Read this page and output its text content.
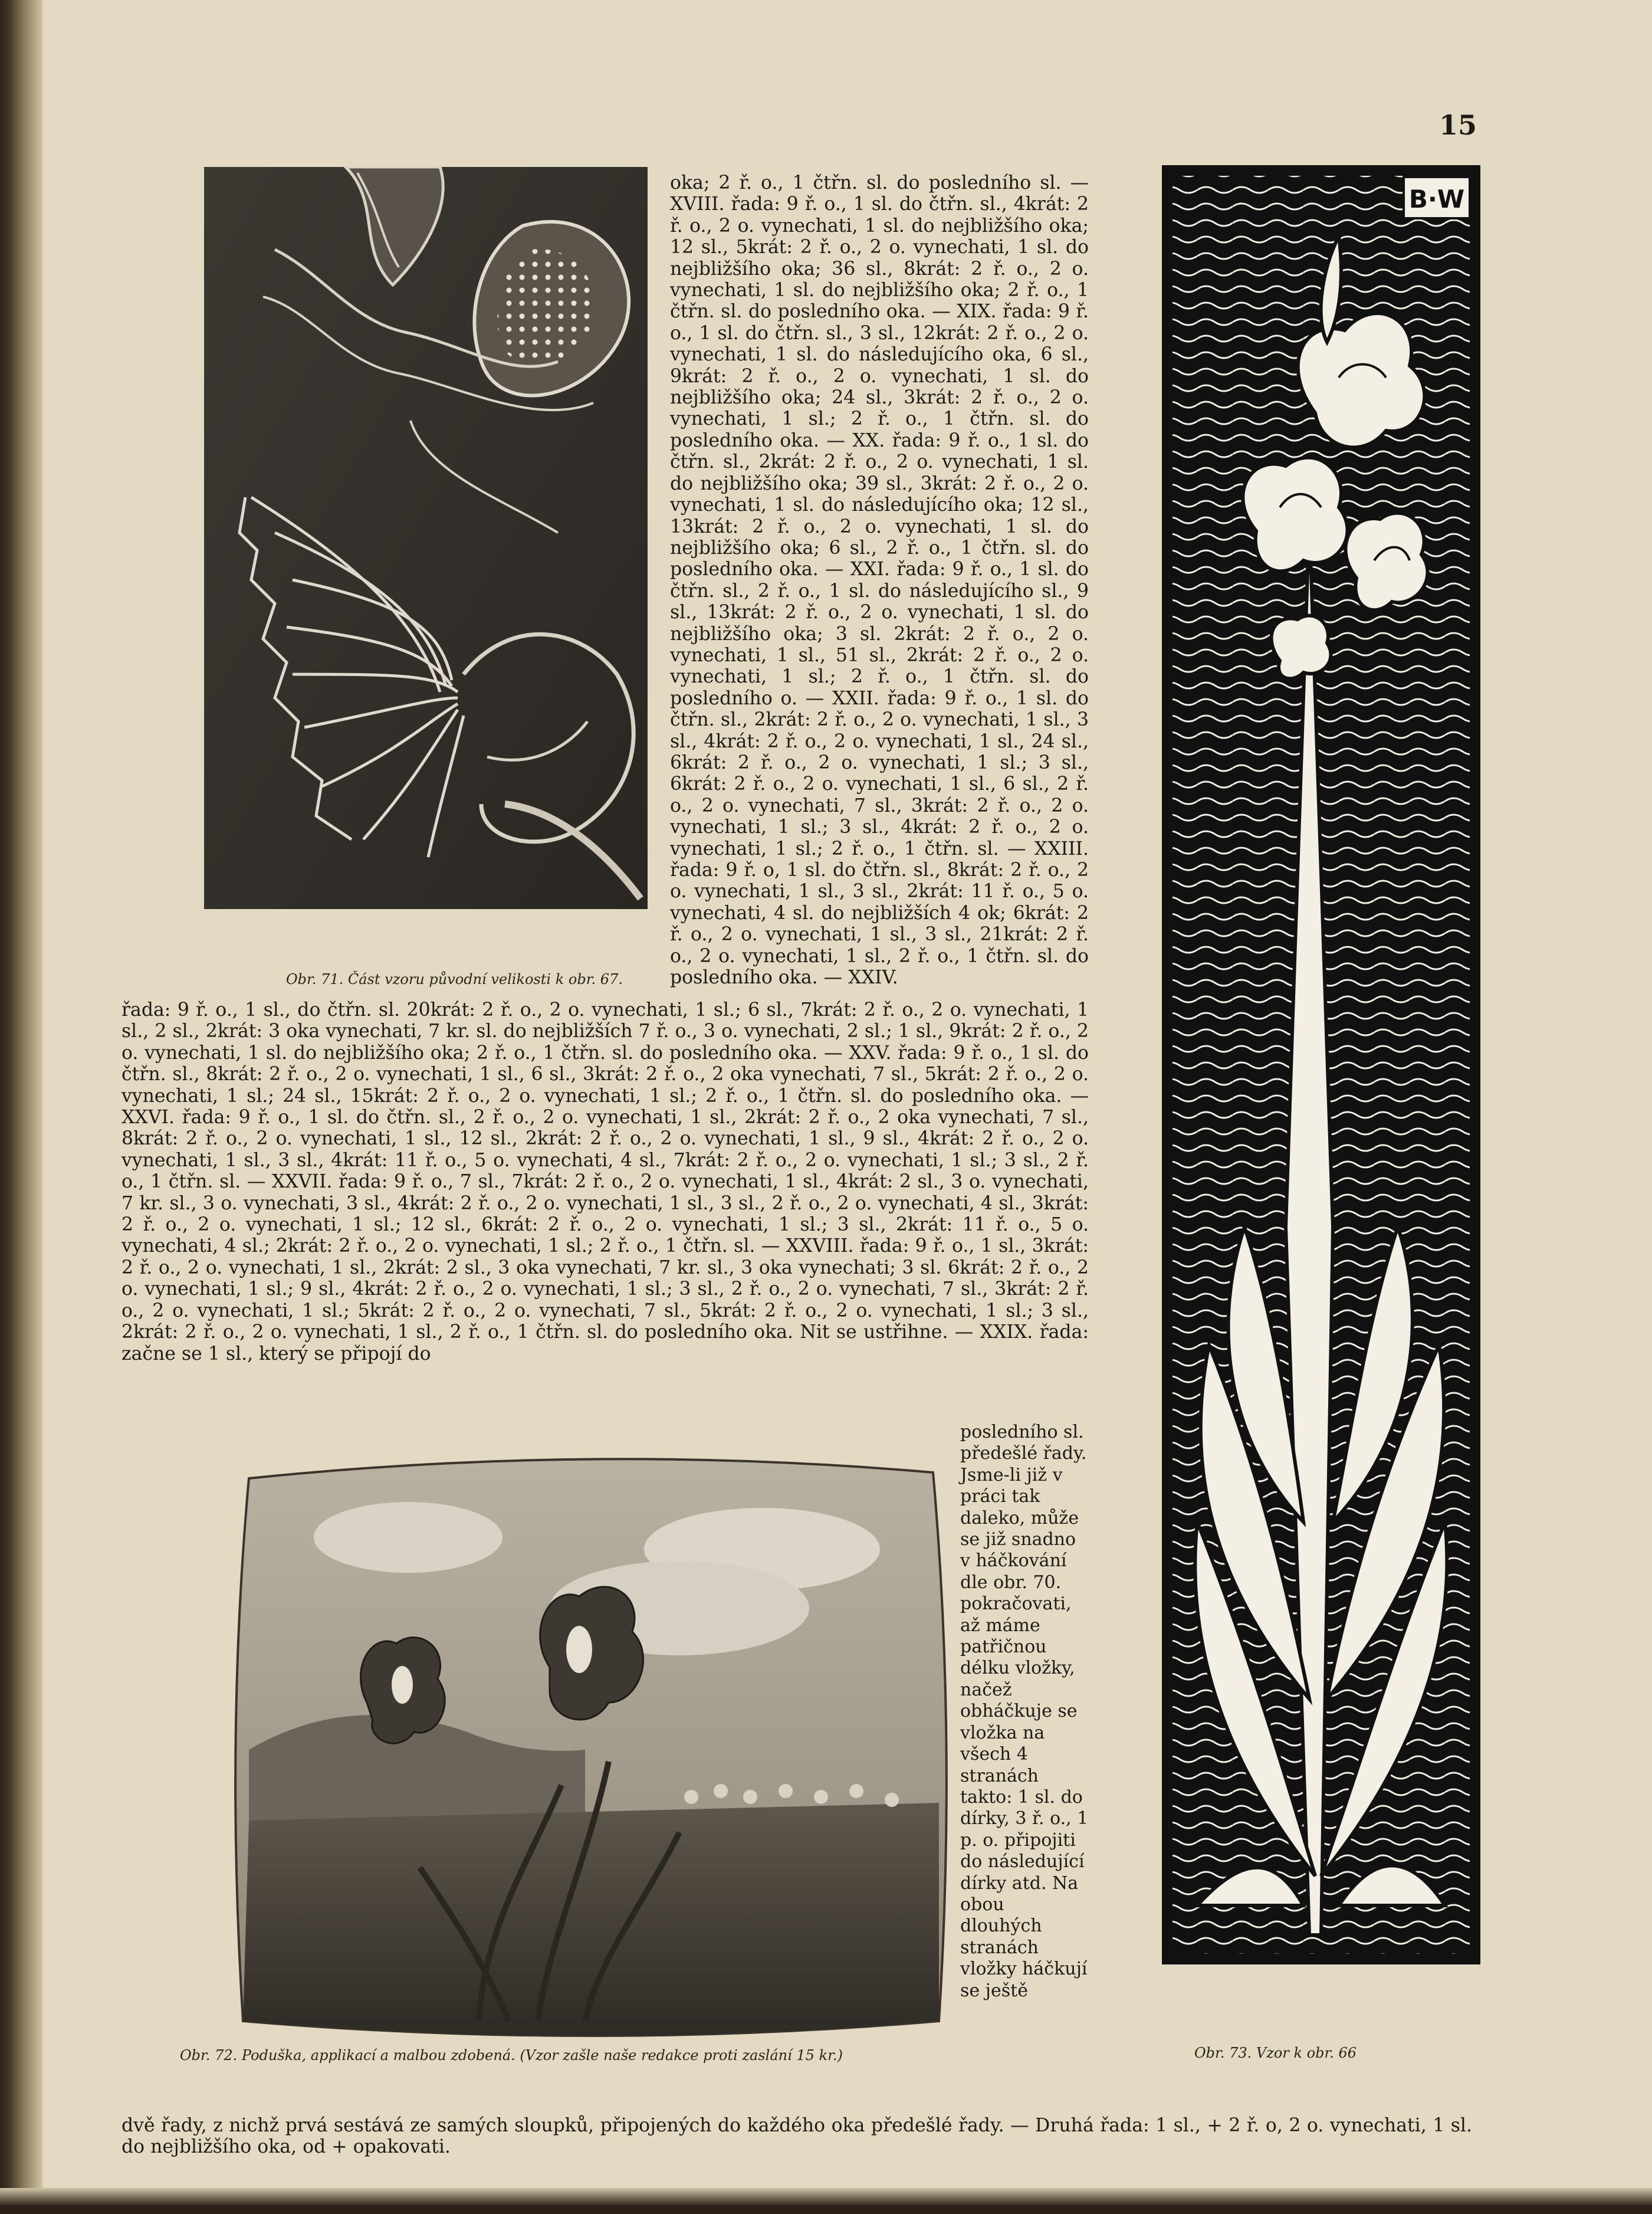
15
Obr. 71. Část vzoru původní velikosti k obr. 67.

oka; 2 ř. o., 1 čtřn. sl. do posledního sl. — XVIII. řada: 9 ř. o., 1 sl. do čtřn. sl., 4krát: 2 ř. o., 2 o. vynechati, 1 sl. do nejbližšího oka; 12 sl., 5krát: 2 ř. o., 2 o. vynechati, 1 sl. do nejbližšího oka; 36 sl., 8krát: 2 ř. o., 2 o. vynechati, 1 sl. do nejbližšího oka; 2 ř. o., 1 čtřn. sl. do posledního oka. — XIX. řada: 9 ř. o., 1 sl. do čtřn. sl., 3 sl., 12krát: 2 ř. o., 2 o. vynechati, 1 sl. do následujícího oka, 6 sl., 9krát: 2 ř. o., 2 o. vynechati, 1 sl. do nejbližšího oka; 24 sl., 3krát: 2 ř. o., 2 o. vynechati, 1 sl.; 2 ř. o., 1 čtřn. sl. do posledního oka. — XX. řada: 9 ř. o., 1 sl. do čtřn. sl., 2krát: 2 ř. o., 2 o. vynechati, 1 sl. do nejbližšího oka; 39 sl., 3krát: 2 ř. o., 2 o. vynechati, 1 sl. do následujícího oka; 12 sl., 13krát: 2 ř. o., 2 o. vynechati, 1 sl. do nejbližšího oka; 6 sl., 2 ř. o., 1 čtřn. sl. do posledního oka. — XXI. řada: 9 ř. o., 1 sl. do čtřn. sl., 2 ř. o., 1 sl. do následujícího sl., 9 sl., 13krát: 2 ř. o., 2 o. vynechati, 1 sl. do nejbližšího oka; 3 sl. 2krát: 2 ř. o., 2 o. vynechati, 1 sl., 51 sl., 2krát: 2 ř. o., 2 o. vynechati, 1 sl.; 2 ř. o., 1 čtřn. sl. do posledního o. — XXII. řada: 9 ř. o., 1 sl. do čtřn. sl., 2krát: 2 ř. o., 2 o. vynechati, 1 sl., 3 sl., 4krát: 2 ř. o., 2 o. vynechati, 1 sl., 24 sl., 6krát: 2 ř. o., 2 o. vynechati, 1 sl.; 3 sl., 6krát: 2 ř. o., 2 o. vynechati, 1 sl., 6 sl., 2 ř. o., 2 o. vynechati, 7 sl., 3krát: 2 ř. o., 2 o. vynechati, 1 sl.; 3 sl., 4krát: 2 ř. o., 2 o. vynechati, 1 sl.; 2 ř. o., 1 čtřn. sl. — XXIII. řada: 9 ř. o, 1 sl. do čtřn. sl., 8krát: 2 ř. o., 2 o. vynechati, 1 sl., 3 sl., 2krát: 11 ř. o., 5 o. vynechati, 4 sl. do nejbližších 4 ok; 6krát: 2 ř. o., 2 o. vynechati, 1 sl., 3 sl., 21krát: 2 ř. o., 2 o. vynechati, 1 sl., 2 ř. o., 1 čtřn. sl. do posledního oka. — XXIV.

řada: 9 ř. o., 1 sl., do čtřn. sl. 20krát: 2 ř. o., 2 o. vynechati, 1 sl.; 6 sl., 7krát: 2 ř. o., 2 o. vynechati, 1 sl., 2 sl., 2krát: 3 oka vynechati, 7 kr. sl. do nejbližších 7 ř. o., 3 o. vynechati, 2 sl.; 1 sl., 9krát: 2 ř. o., 2 o. vynechati, 1 sl. do nejbližšího oka; 2 ř. o., 1 čtřn. sl. do posledního oka. — XXV. řada: 9 ř. o., 1 sl. do čtřn. sl., 8krát: 2 ř. o., 2 o. vynechati, 1 sl., 6 sl., 3krát: 2 ř. o., 2 oka vynechati, 7 sl., 5krát: 2 ř. o., 2 o. vynechati, 1 sl.; 24 sl., 15krát: 2 ř. o., 2 o. vynechati, 1 sl.; 2 ř. o., 1 čtřn. sl. do posledního oka. — XXVI. řada: 9 ř. o., 1 sl. do čtřn. sl., 2 ř. o., 2 o. vynechati, 1 sl., 2krát: 2 ř. o., 2 oka vynechati, 7 sl., 8krát: 2 ř. o., 2 o. vynechati, 1 sl., 12 sl., 2krát: 2 ř. o., 2 o. vynechati, 1 sl., 9 sl., 4krát: 2 ř. o., 2 o. vynechati, 1 sl., 3 sl., 4krát: 11 ř. o., 5 o. vynechati, 4 sl., 7krát: 2 ř. o., 2 o. vynechati, 1 sl.; 3 sl., 2 ř. o., 1 čtřn. sl. — XXVII. řada: 9 ř. o., 7 sl., 7krát: 2 ř. o., 2 o. vynechati, 1 sl., 4krát: 2 sl., 3 o. vynechati, 7 kr. sl., 3 o. vynechati, 3 sl., 4krát: 2 ř. o., 2 o. vynechati, 1 sl., 3 sl., 2 ř. o., 2 o. vynechati, 4 sl., 3krát: 2 ř. o., 2 o. vynechati, 1 sl.; 12 sl., 6krát: 2 ř. o., 2 o. vynechati, 1 sl.; 3 sl., 2krát: 11 ř. o., 5 o. vynechati, 4 sl.; 2krát: 2 ř. o., 2 o. vynechati, 1 sl.; 2 ř. o., 1 čtřn. sl. — XXVIII. řada: 9 ř. o., 1 sl., 3krát: 2 ř. o., 2 o. vynechati, 1 sl., 2krát: 2 sl., 3 oka vynechati, 7 kr. sl., 3 oka vynechati; 3 sl. 6krát: 2 ř. o., 2 o. vynechati, 1 sl.; 9 sl., 4krát: 2 ř. o., 2 o. vynechati, 1 sl.; 3 sl., 2 ř. o., 2 o. vynechati, 7 sl., 3krát: 2 ř. o., 2 o. vynechati, 1 sl.; 5krát: 2 ř. o., 2 o. vynechati, 7 sl., 5krát: 2 ř. o., 2 o. vynechati, 1 sl.; 3 sl., 2krát: 2 ř. o., 2 o. vynechati, 1 sl., 2 ř. o., 1 čtřn. sl. do posledního oka. Nit se ustřihne. — XXIX. řada: začne se 1 sl., který se připojí do

Obr. 72. Poduška, applikací a malbou zdobená. (Vzor zašle naše redakce proti zaslání 15 kr.)

posledního sl. předešlé řady. Jsme-li již v práci tak daleko, může se již snadno v háčkování dle obr. 70. pokračovati, až máme patřičnou délku vložky, načež obháčkuje se vložka na všech 4 stranách takto: 1 sl. do dírky, 3 ř. o., 1 p. o. připojiti do následující dírky atd. Na obou dlouhých stranách vložky háčkují se ještě

B·W
Obr. 73. Vzor k obr. 66

dvě řady, z nichž prvá sestává ze samých sloupků, připojených do každého oka předešlé řady. — Druhá řada: 1 sl., + 2 ř. o, 2 o. vynechati, 1 sl. do nejbližšího oka, od + opakovati.
